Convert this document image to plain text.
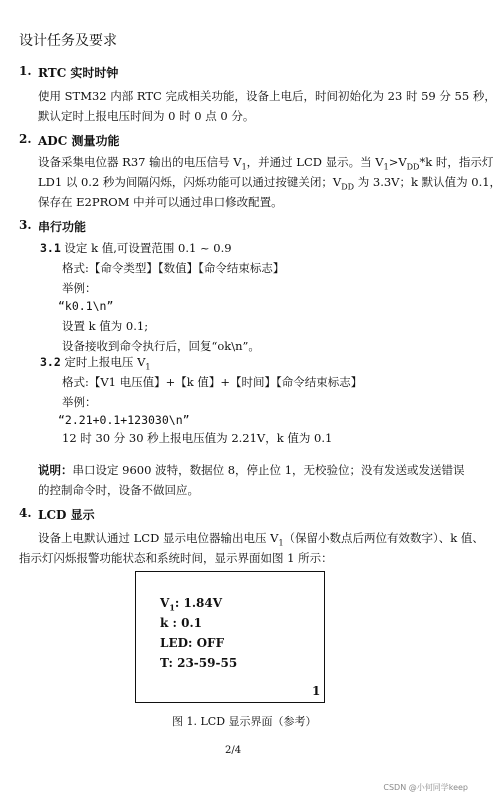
设计任务及要求
1. RTC 实时时钟
使用 STM32 内部 RTC 完成相关功能，设备上电后，时间初始化为 23 时 59 分 55 秒，
默认定时上报电压时间为 0 时 0 点 0 分。
2. ADC 测量功能
设备采集电位器 R37 输出的电压信号 $V_1$，并通过 LCD 显示。当 $V_1>V_{DD}*k$ 时，指示灯
LD1 以 0.2 秒为间隔闪烁，闪烁功能可以通过按键关闭；$V_{DD}$ 为 3.3V；k 默认值为 0.1，
保存在 E2PROM 中并可以通过串口修改配置。
3. 串行功能
3.1 设定 k 值,可设置范围 0.1 ~ 0.9
格式:【命令类型】【数值】【命令结束标志】
举例：
“k0.1\n”
设置 k 值为 0.1;
设备接收到命令执行后，回复“ok\n”。
3.2 定时上报电压 $V_1$
格式:【V1 电压值】+【k 值】+【时间】【命令结束标志】
举例：
“2.21+0.1+123030\n”
12 时 30 分 30 秒上报电压值为 2.21V，k 值为 0.1
说明：串口设定 9600 波特，数据位 8，停止位 1，无校验位；没有发送或发送错误
的控制命令时，设备不做回应。
4. LCD 显示
设备上电默认通过 LCD 显示电位器输出电压 $V_1$（保留小数点后两位有效数字）、k 值、
指示灯闪烁报警功能状态和系统时间，显示界面如图 1 所示：
$V_1$: 1.84V
k : 0.1
LED: OFF
T: 23-59-55
1
图 1. LCD 显示界面（参考）
2/4
CSDN @小何同学keep
